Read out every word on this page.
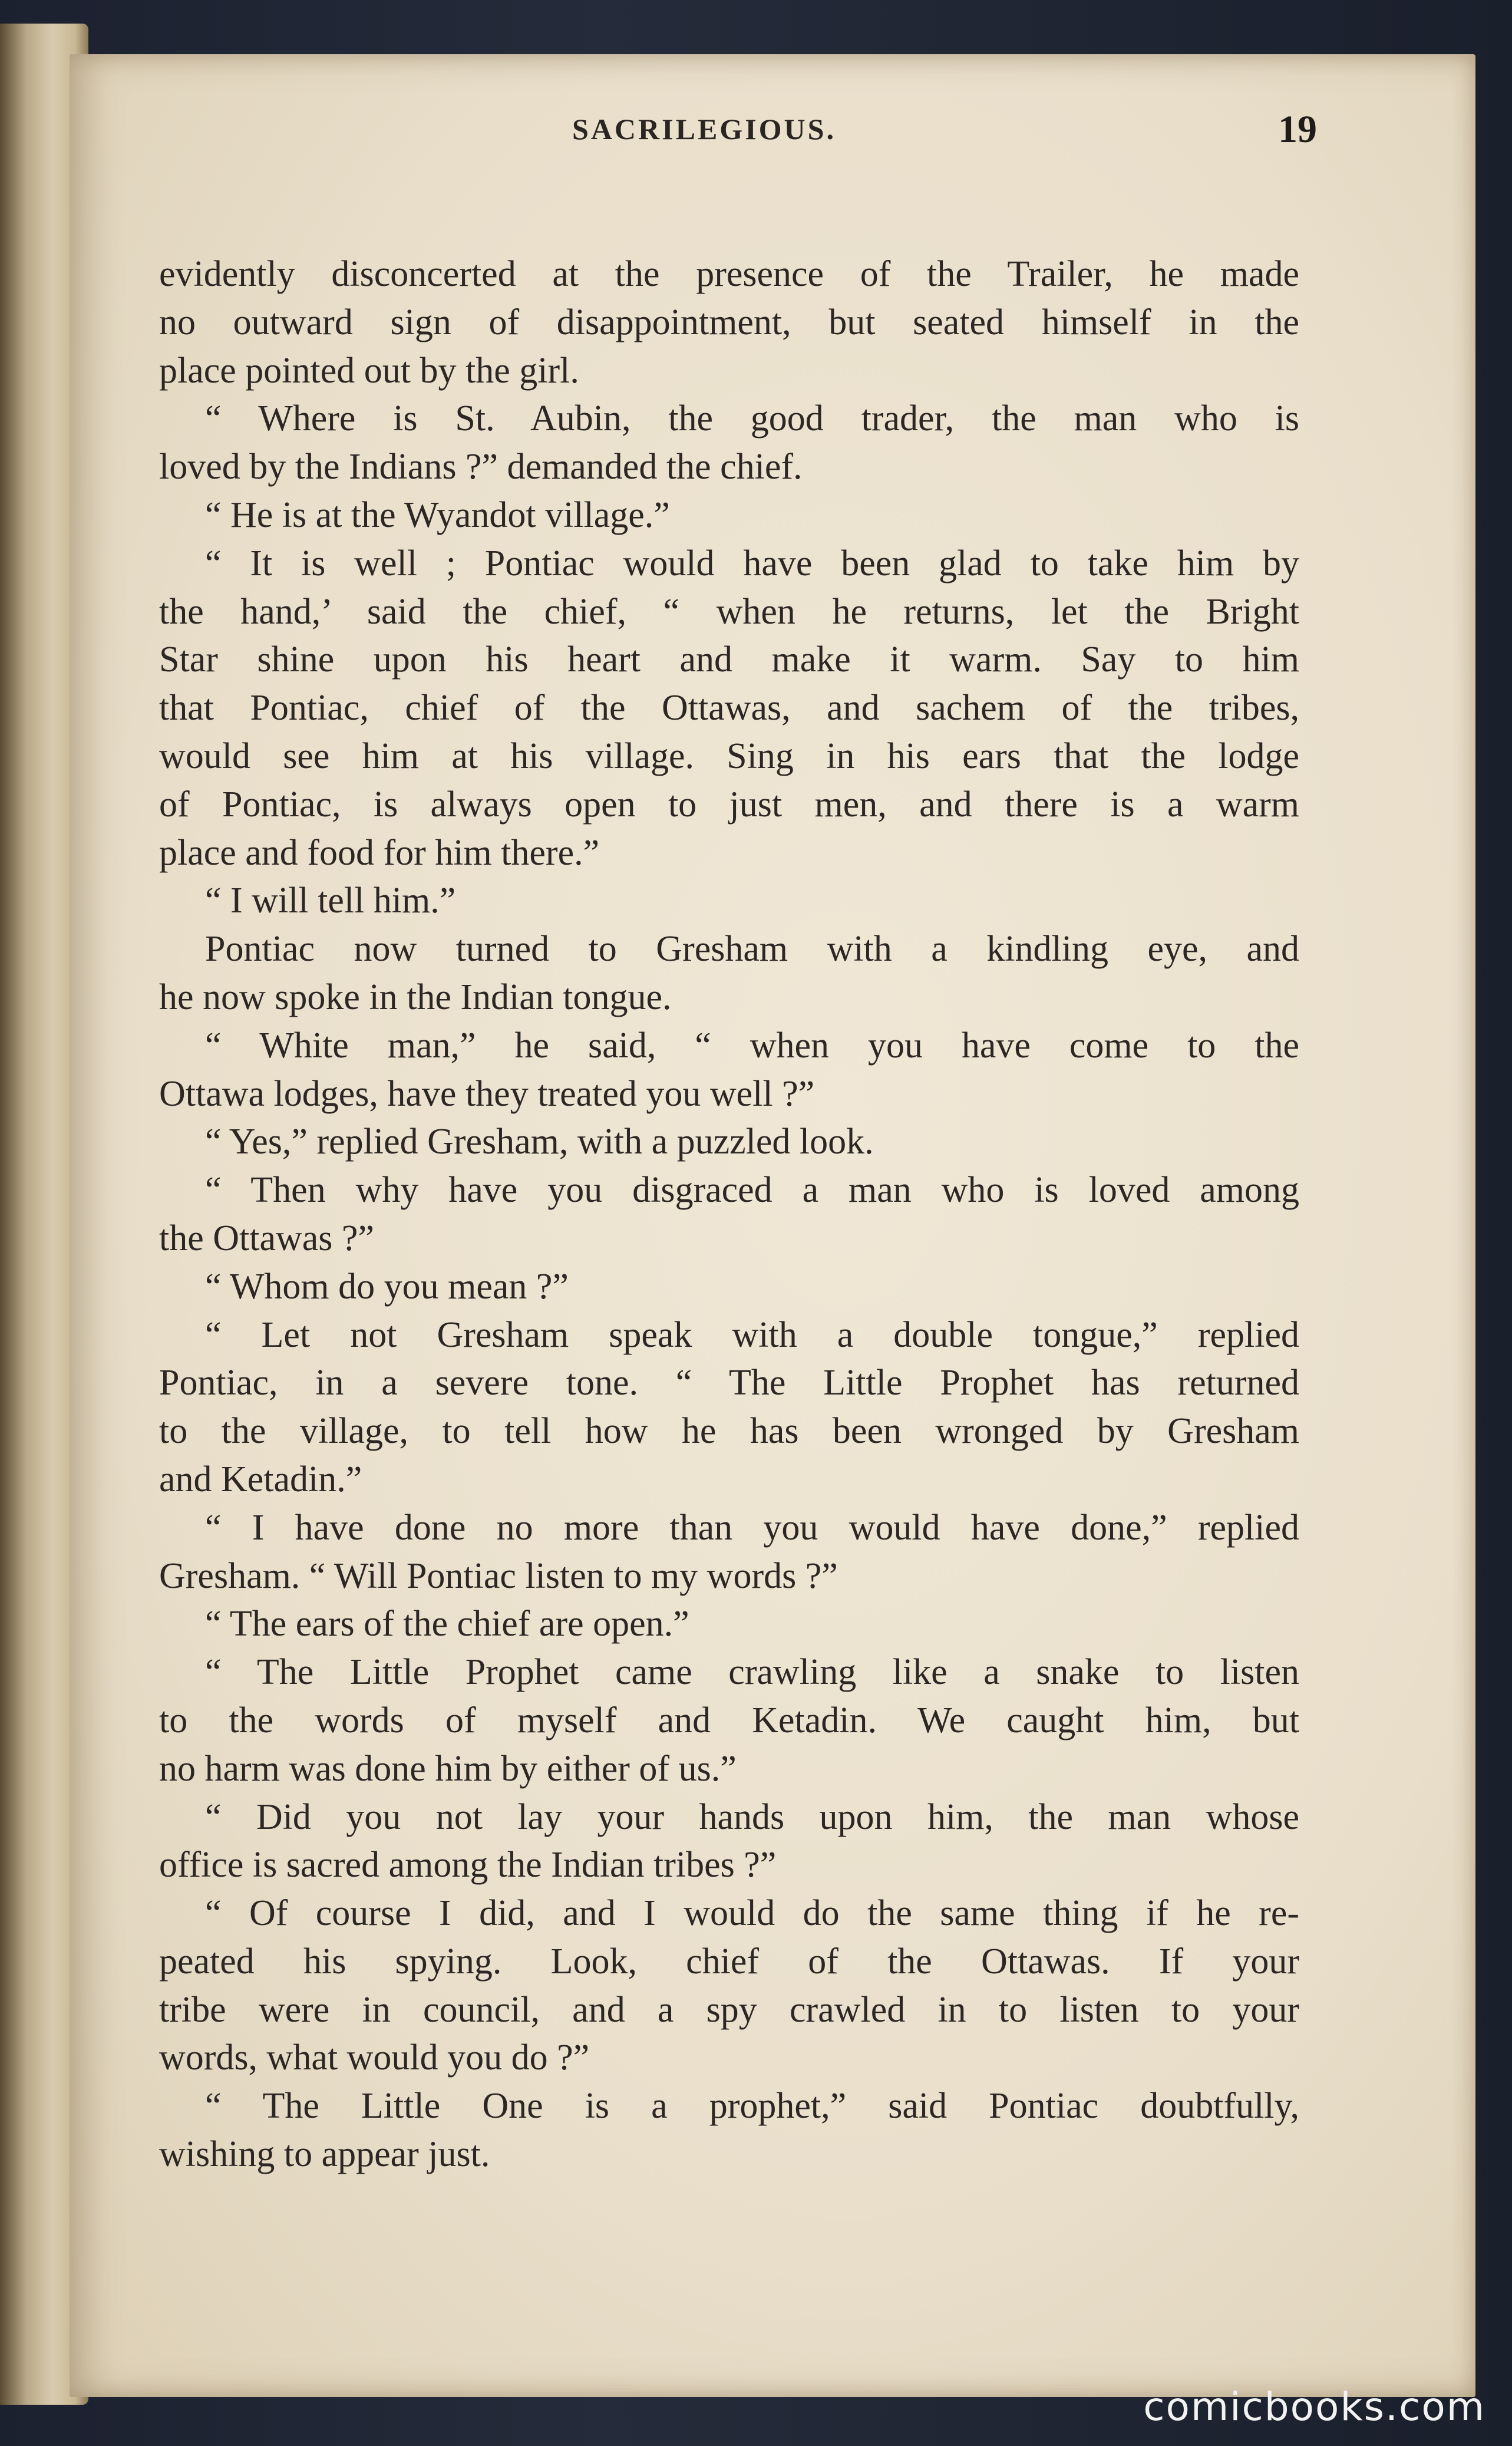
SACRILEGIOUS.	19
evidently disconcerted at the presence of the Trailer, he made
no outward sign of disappointment, but seated himself in the
place pointed out by the girl.
“ Where is St. Aubin, the good trader, the man who is
loved by the Indians ?” demanded the chief.
“ He is at the Wyandot village.”
“ It is well ; Pontiac would have been glad to take him by
the hand,’ said the chief, “ when he returns, let the Bright
Star shine upon his heart and make it warm. Say to him
that Pontiac, chief of the Ottawas, and sachem of the tribes,
would see him at his village. Sing in his ears that the lodge
of Pontiac, is always open to just men, and there is a warm
place and food for him there.”
“ I will tell him.”
Pontiac now turned to Gresham with a kindling eye, and
he now spoke in the Indian tongue.
“ White man,” he said, “ when you have come to the
Ottawa lodges, have they treated you well ?”
“ Yes,” replied Gresham, with a puzzled look.
“ Then why have you disgraced a man who is loved among
the Ottawas ?”
“ Whom do you mean ?”
“ Let not Gresham speak with a double tongue,” replied
Pontiac, in a severe tone. “ The Little Prophet has returned
to the village, to tell how he has been wronged by Gresham
and Ketadin.”
“ I have done no more than you would have done,” replied
Gresham. “ Will Pontiac listen to my words ?”
“ The ears of the chief are open.”
“ The Little Prophet came crawling like a snake to listen
to the words of myself and Ketadin. We caught him, but
no harm was done him by either of us.”
“ Did you not lay your hands upon him, the man whose
office is sacred among the Indian tribes ?”
“ Of course I did, and I would do the same thing if he re-
peated his spying. Look, chief of the Ottawas. If your
tribe were in council, and a spy crawled in to listen to your
words, what would you do ?”
“ The Little One is a prophet,” said Pontiac doubtfully,
wishing to appear just.
comicbooks.com
